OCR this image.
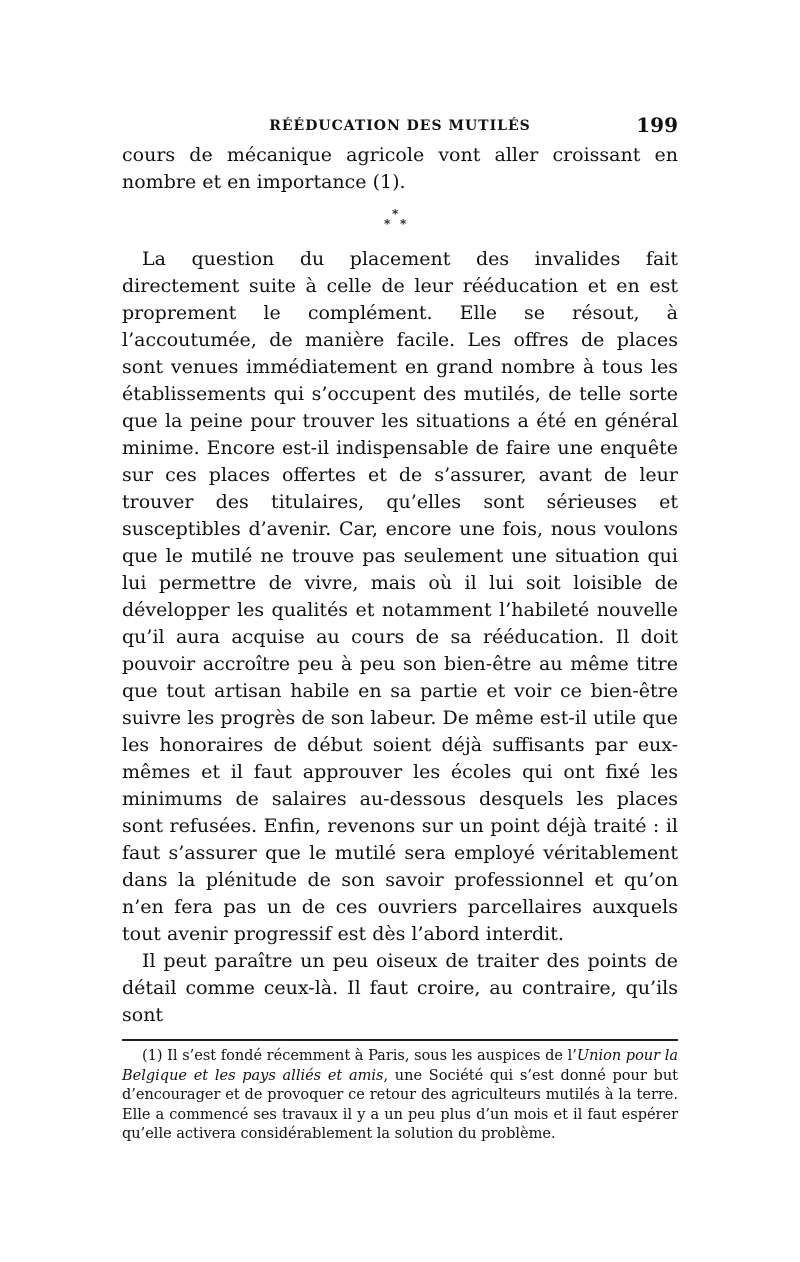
RÉÉDUCATION DES MUTILÉS	199

cours de mécanique agricole vont aller croissant en nombre et en importance (1).

*
* *

La question du placement des invalides fait directement suite à celle de leur rééducation et en est proprement le complément. Elle se résout, à l’accoutumée, de manière facile. Les offres de places sont venues immédiatement en grand nombre à tous les établissements qui s’occupent des mutilés, de telle sorte que la peine pour trouver les situations a été en général minime. Encore est-il indispensable de faire une enquête sur ces places offertes et de s’assurer, avant de leur trouver des titulaires, qu’elles sont sérieuses et susceptibles d’avenir. Car, encore une fois, nous voulons que le mutilé ne trouve pas seulement une situation qui lui permettre de vivre, mais où il lui soit loisible de développer les qualités et notamment l’habileté nouvelle qu’il aura acquise au cours de sa rééducation. Il doit pouvoir accroître peu à peu son bien-être au même titre que tout artisan habile en sa partie et voir ce bien-être suivre les progrès de son labeur. De même est-il utile que les honoraires de début soient déjà suffisants par eux-mêmes et il faut approuver les écoles qui ont fixé les minimums de salaires au-dessous desquels les places sont refusées. Enfin, revenons sur un point déjà traité : il faut s’assurer que le mutilé sera employé véritablement dans la plénitude de son savoir professionnel et qu’on n’en fera pas un de ces ouvriers parcellaires auxquels tout avenir progressif est dès l’abord interdit.

Il peut paraître un peu oiseux de traiter des points de détail comme ceux-là. Il faut croire, au contraire, qu’ils sont

(1) Il s’est fondé récemment à Paris, sous les auspices de l’Union pour la Belgique et les pays alliés et amis, une Société qui s’est donné pour but d’encourager et de provoquer ce retour des agriculteurs mutilés à la terre. Elle a commencé ses travaux il y a un peu plus d’un mois et il faut espérer qu’elle activera considérablement la solution du problème.
